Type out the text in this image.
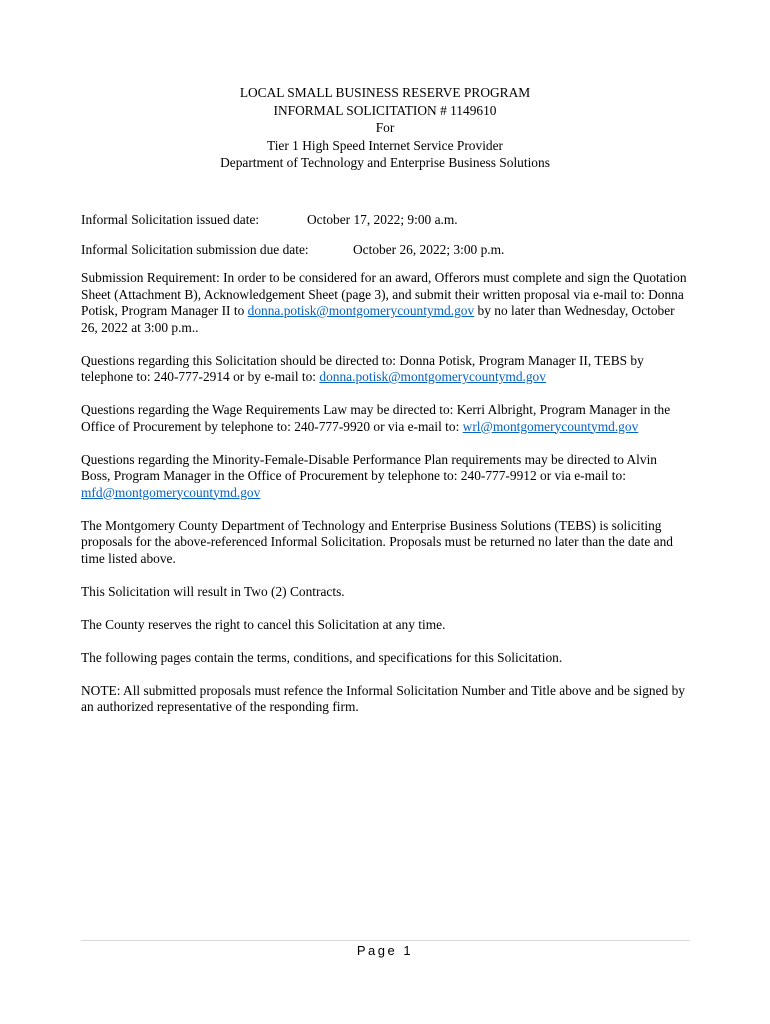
LOCAL SMALL BUSINESS RESERVE PROGRAM
INFORMAL SOLICITATION # 1149610
For
Tier 1 High Speed Internet Service Provider
Department of Technology and Enterprise Business Solutions
Informal Solicitation issued date:	October 17, 2022; 9:00 a.m.
Informal Solicitation submission due date:	October 26, 2022; 3:00 p.m.

Submission Requirement: In order to be considered for an award, Offerors must complete and sign the Quotation Sheet (Attachment B), Acknowledgement Sheet (page 3), and submit their written proposal via e-mail to: Donna Potisk, Program Manager II to donna.potisk@montgomerycountymd.gov by no later than Wednesday, October 26, 2022 at 3:00 p.m..

Questions regarding this Solicitation should be directed to: Donna Potisk, Program Manager II, TEBS by telephone to: 240-777-2914 or by e-mail to: donna.potisk@montgomerycountymd.gov

Questions regarding the Wage Requirements Law may be directed to: Kerri Albright, Program Manager in the Office of Procurement by telephone to: 240-777-9920 or via e-mail to: wrl@montgomerycountymd.gov

Questions regarding the Minority-Female-Disable Performance Plan requirements may be directed to Alvin Boss, Program Manager in the Office of Procurement by telephone to: 240-777-9912 or via e-mail to: mfd@montgomerycountymd.gov

The Montgomery County Department of Technology and Enterprise Business Solutions (TEBS) is soliciting proposals for the above-referenced Informal Solicitation. Proposals must be returned no later than the date and time listed above.

This Solicitation will result in Two (2) Contracts.

The County reserves the right to cancel this Solicitation at any time.

The following pages contain the terms, conditions, and specifications for this Solicitation.

NOTE: All submitted proposals must refence the Informal Solicitation Number and Title above and be signed by an authorized representative of the responding firm.

Page 1
